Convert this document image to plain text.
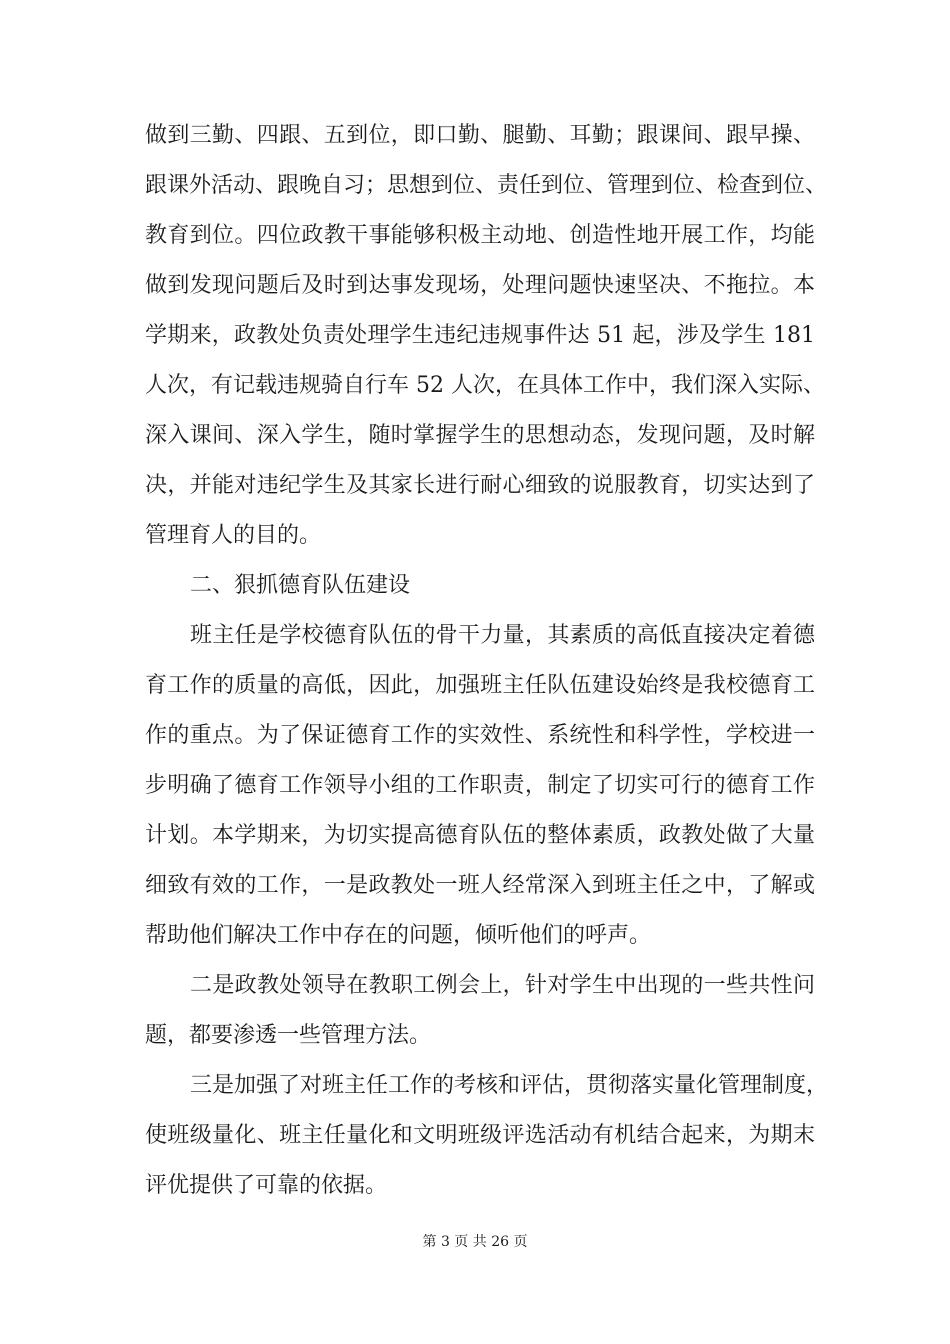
做到三勤、四跟、五到位，即口勤、腿勤、耳勤；跟课间、跟早操、
跟课外活动、跟晚自习；思想到位、责任到位、管理到位、检查到位、
教育到位。四位政教干事能够积极主动地、创造性地开展工作，均能
做到发现问题后及时到达事发现场，处理问题快速坚决、不拖拉。本
学期来，政教处负责处理学生违纪违规事件达 51 起，涉及学生 181
人次，有记载违规骑自行车 52 人次，在具体工作中，我们深入实际、
深入课间、深入学生，随时掌握学生的思想动态，发现问题，及时解
决，并能对违纪学生及其家长进行耐心细致的说服教育，切实达到了
管理育人的目的。
二、狠抓德育队伍建设
班主任是学校德育队伍的骨干力量，其素质的高低直接决定着德
育工作的质量的高低，因此，加强班主任队伍建设始终是我校德育工
作的重点。为了保证德育工作的实效性、系统性和科学性，学校进一
步明确了德育工作领导小组的工作职责，制定了切实可行的德育工作
计划。本学期来，为切实提高德育队伍的整体素质，政教处做了大量
细致有效的工作，一是政教处一班人经常深入到班主任之中，了解或
帮助他们解决工作中存在的问题，倾听他们的呼声。
二是政教处领导在教职工例会上，针对学生中出现的一些共性问
题，都要渗透一些管理方法。
三是加强了对班主任工作的考核和评估，贯彻落实量化管理制度，
使班级量化、班主任量化和文明班级评选活动有机结合起来，为期末
评优提供了可靠的依据。
第 3 页 共 26 页
